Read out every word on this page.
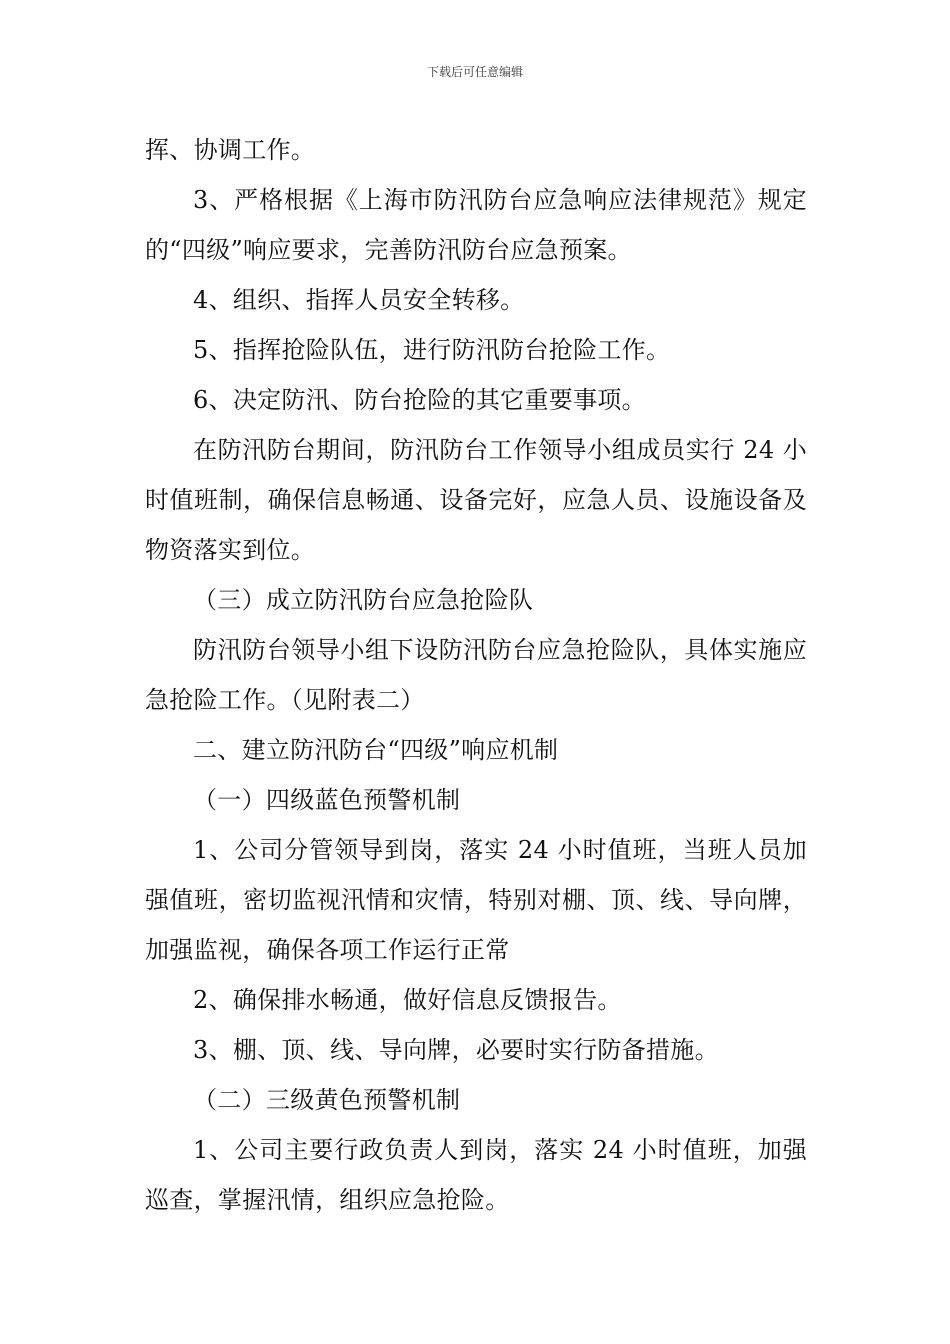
下载后可任意编辑

挥、协调工作。

3、严格根据《上海市防汛防台应急响应法律规范》规定的“四级”响应要求，完善防汛防台应急预案。

4、组织、指挥人员安全转移。

5、指挥抢险队伍，进行防汛防台抢险工作。

6、决定防汛、防台抢险的其它重要事项。

在防汛防台期间，防汛防台工作领导小组成员实行 24 小时值班制，确保信息畅通、设备完好，应急人员、设施设备及物资落实到位。

（三）成立防汛防台应急抢险队

防汛防台领导小组下设防汛防台应急抢险队，具体实施应急抢险工作。（见附表二）

二、建立防汛防台“四级”响应机制

（一）四级蓝色预警机制

1、公司分管领导到岗，落实 24 小时值班，当班人员加强值班，密切监视汛情和灾情，特别对棚、顶、线、导向牌，加强监视，确保各项工作运行正常

2、确保排水畅通，做好信息反馈报告。

3、棚、顶、线、导向牌，必要时实行防备措施。

（二）三级黄色预警机制

1、公司主要行政负责人到岗，落实 24 小时值班，加强巡查，掌握汛情，组织应急抢险。
